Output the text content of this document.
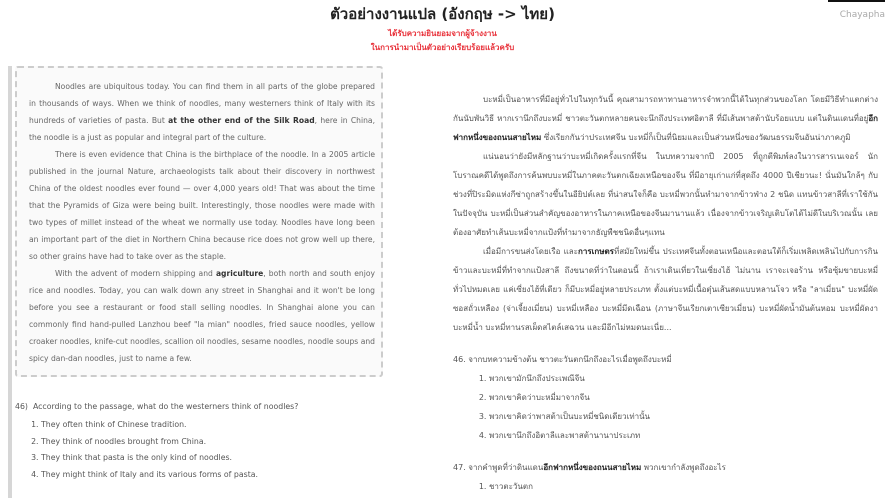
ตัวอย่างงานแปล (อังกฤษ -> ไทย)
ได้รับความยินยอมจากผู้จ้างงาน
ในการนำมาเป็นตัวอย่างเรียบร้อยแล้วครับ
Chayapha

Noodles are ubiquitous today. You can find them in all parts of the globe prepared in thousands of ways. When we think of noodles, many westerners think of Italy with its hundreds of varieties of pasta. But at the other end of the Silk Road, here in China, the noodle is a just as popular and integral part of the culture.

There is even evidence that China is the birthplace of the noodle. In a 2005 article published in the journal Nature, archaeologists talk about their discovery in northwest China of the oldest noodles ever found — over 4,000 years old! That was about the time that the Pyramids of Giza were being built. Interestingly, those noodles were made with two types of millet instead of the wheat we normally use today. Noodles have long been an important part of the diet in Northern China because rice does not grow well up there, so other grains have had to take over as the staple.

With the advent of modern shipping and agriculture, both north and south enjoy rice and noodles. Today, you can walk down any street in Shanghai and it won't be long before you see a restaurant or food stall selling noodles. In Shanghai alone you can commonly find hand-pulled Lanzhou beef "la mian" noodles, fried sauce noodles, yellow croaker noodles, knife-cut noodles, scallion oil noodles, sesame noodles, noodle soups and spicy dan-dan noodles, just to name a few.

46) According to the passage, what do the westerners think of noodles?
1. They often think of Chinese tradition.
2. They think of noodles brought from China.
3. They think that pasta is the only kind of noodles.
4. They might think of Italy and its various forms of pasta.

บะหมี่เป็นอาหารที่มีอยู่ทั่วไปในทุกวันนี้ คุณสามารถหาทานอาหารจำพวกนี้ได้ในทุกส่วนของโลก โดยมีวิธีทำแตกต่างกันนับพันวิธี หากเรานึกถึงบะหมี่ ชาวตะวันตกหลายคนจะนึกถึงประเทศอิตาลี ที่มีเส้นพาสต้านับร้อยแบบ แต่ในดินแดนที่อยู่อีกฟากหนึ่งของถนนสายไหม ซึ่งเรียกกันว่าประเทศจีน บะหมี่ก็เป็นที่นิยมและเป็นส่วนหนึ่งของวัฒนธรรมจีนอันน่าภาคภูมิ

แน่นอนว่ายังมีหลักฐานว่าบะหมี่เกิดครั้งแรกที่จีน ในบทความจากปี 2005 ที่ถูกตีพิมพ์ลงในวารสารเนเจอร์ นักโบราณคดีได้พูดถึงการค้นพบบะหมี่ในภาคตะวันตกเฉียงเหนือของจีน ที่มีอายุเก่าแก่ที่สุดถึง 4000 ปีเชียวนะ! นั่นมันใกล้ๆ กับช่วงที่ปิระมิดแห่งกีซ่าถูกสร้างขึ้นในอียิปต์เลย ที่น่าสนใจก็คือ บะหมี่พวกนั้นทำมาจากข้าวฟ่าง 2 ชนิด แทนข้าวสาลีที่เราใช้กันในปัจจุบัน บะหมี่เป็นส่วนสำคัญของอาหารในภาคเหนือของจีนมานานแล้ว เนื่องจากข้าวเจริญเติบโตได้ไม่ดีในบริเวณนั้น เลยต้องอาศัยทำเส้นบะหมี่จากแป้งที่ทำมาจากธัญพืชชนิดอื่นๆแทน

เมื่อมีการขนส่งโดยเรือ และการเกษตรที่สมัยใหม่ขึ้น ประเทศจีนทั้งตอนเหนือและตอนใต้ก็เริ่มเพลิดเพลินไปกับการกินข้าวและบะหมี่ที่ทำจากแป้งสาลี ถึงขนาดที่ว่าในตอนนี้ ถ้าเราเดินเที่ยวในเซี่ยงไฮ้ ไม่นาน เราจะเจอร้าน หรือซุ้มขายบะหมี่ทั่วไปหมดเลย แค่เซี่ยงไฮ้ที่เดียว ก็มีบะหมี่อยู่หลายประเภท ตั้งแต่บะหมี่เนื้อตุ๋นเส้นสดแบบหลานโจว หรือ "ลาเมี่ยน" บะหมี่ผัดซอสถั่วเหลือง (จ่าเจี้ยงเมี่ยน) บะหมี่เหลือง บะหมี่มีดเฉือน (ภาษาจีนเรียกเตาเซียวเมี่ยน) บะหมี่ผัดน้ำมันต้นหอม บะหมี่ผัดงา บะหมี่น้ำ บะหมี่ทานรสเผ็ดสไตล์เสฉวน และมีอีกไม่หมดนะเนี่ย...

46. จากบทความข้างต้น ชาวตะวันตกนึกถึงอะไรเมื่อพูดถึงบะหมี่
1. พวกเขามักนึกถึงประเพณีจีน
2. พวกเขาคิดว่าบะหมี่มาจากจีน
3. พวกเขาคิดว่าพาสต้าเป็นบะหมี่ชนิดเดียวเท่านั้น
4. พวกเขานึกถึงอิตาลีและพาสต้านานาประเภท
47. จากคำพูดที่ว่าดินแดนอีกฟากหนึ่งของถนนสายไหม พวกเขากำลังพูดถึงอะไร
1. ชาวตะวันตก
